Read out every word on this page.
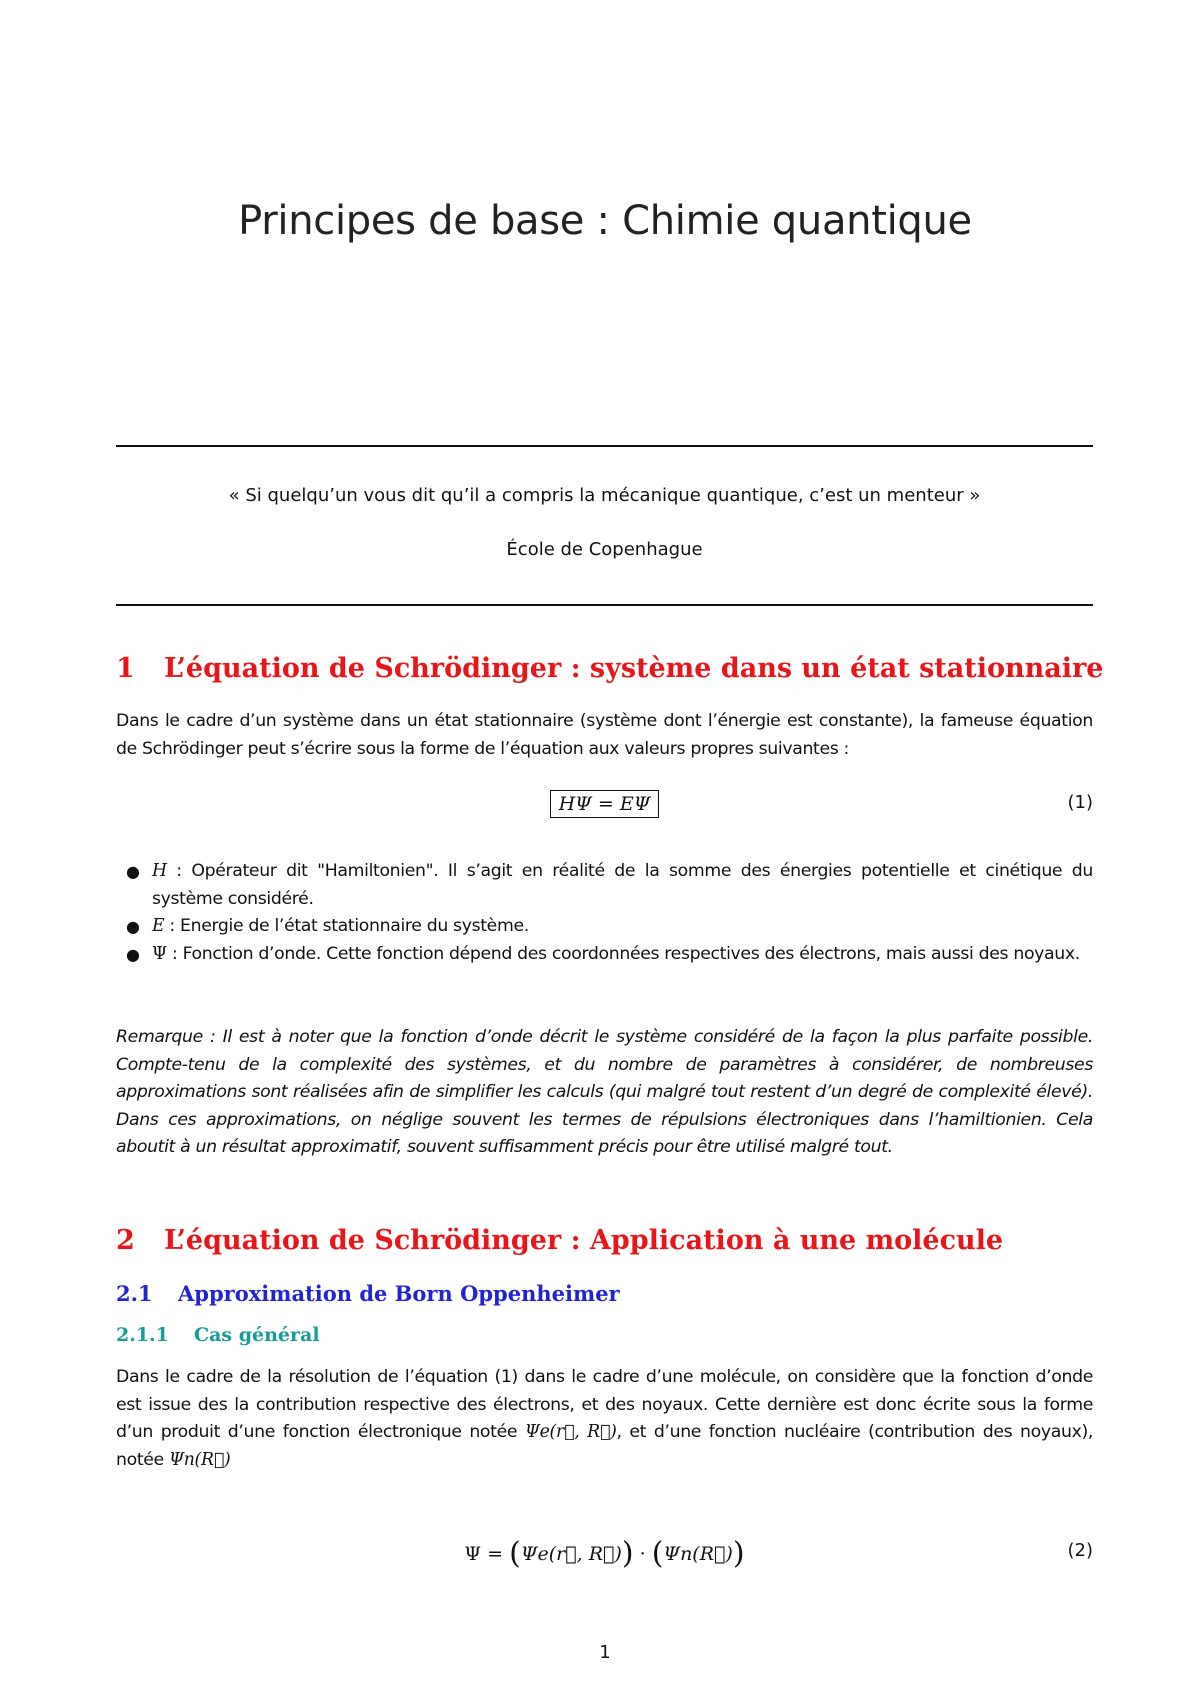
Principes de base : Chimie quantique

« Si quelqu’un vous dit qu’il a compris la mécanique quantique, c’est un menteur »

École de Copenhague

1 L’équation de Schrödinger : système dans un état stationnaire

Dans le cadre d’un système dans un état stationnaire (système dont l’énergie est constante), la fameuse équation de Schrödinger peut s’écrire sous la forme de l’équation aux valeurs propres suivantes :

HΨ = EΨ	(1)
● H : Opérateur dit "Hamiltonien". Il s’agit en réalité de la somme des énergies potentielle et cinétique du système considéré.
● E : Energie de l’état stationnaire du système.
● Ψ : Fonction d’onde. Cette fonction dépend des coordonnées respectives des électrons, mais aussi des noyaux.

Remarque : Il est à noter que la fonction d’onde décrit le système considéré de la façon la plus parfaite possible. Compte-tenu de la complexité des systèmes, et du nombre de paramètres à considérer, de nombreuses approximations sont réalisées afin de simplifier les calculs (qui malgré tout restent d’un degré de complexité élevé). Dans ces approximations, on néglige souvent les termes de répulsions électroniques dans l’hamiltionien. Cela aboutit à un résultat approximatif, souvent suffisamment précis pour être utilisé malgré tout.

2 L’équation de Schrödinger : Application à une molécule
2.1 Approximation de Born Oppenheimer
2.1.1 Cas général

Dans le cadre de la résolution de l’équation (1) dans le cadre d’une molécule, on considère que la fonction d’onde est issue des la contribution respective des électrons, et des noyaux. Cette dernière est donc écrite sous la forme d’un produit d’une fonction électronique notée Ψe(r⃗, R⃗), et d’une fonction nucléaire (contribution des noyaux), notée Ψn(R⃗)

Ψ = (Ψe(r⃗, R⃗)) · (Ψn(R⃗))	(2)
1
